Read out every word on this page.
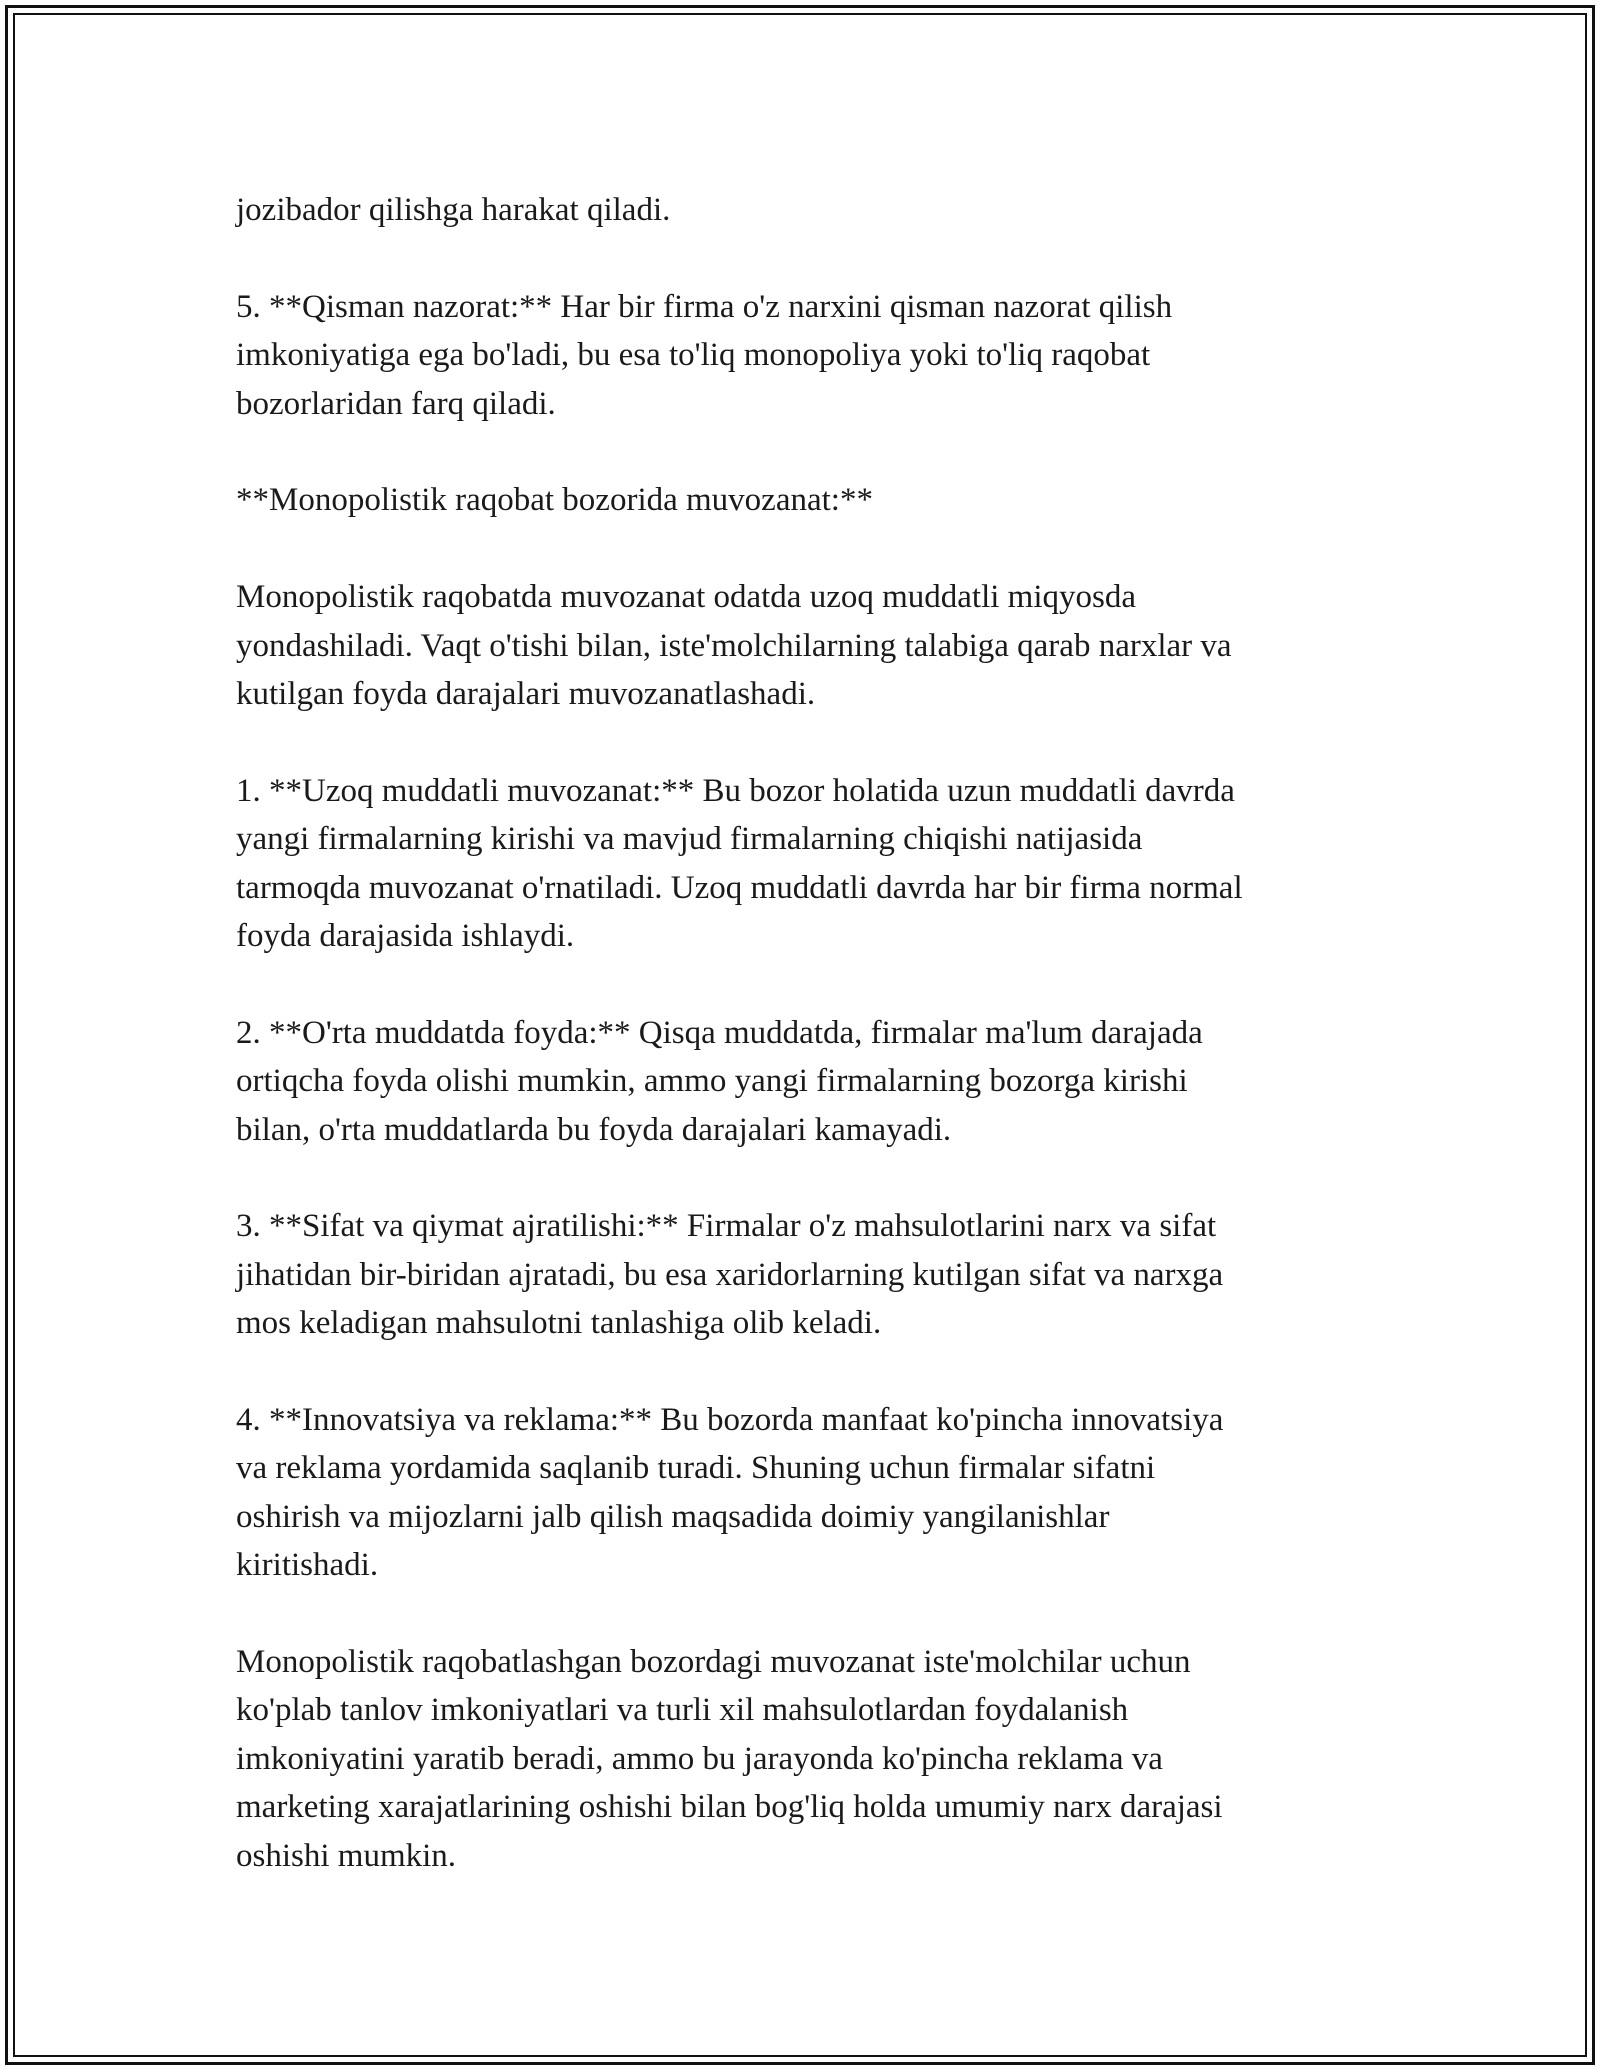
jozibador qilishga harakat qiladi.

5. **Qisman nazorat:** Har bir firma o'z narxini qisman nazorat qilish
imkoniyatiga ega bo'ladi, bu esa to'liq monopoliya yoki to'liq raqobat
bozorlaridan farq qiladi.

**Monopolistik raqobat bozorida muvozanat:**

Monopolistik raqobatda muvozanat odatda uzoq muddatli miqyosda
yondashiladi. Vaqt o'tishi bilan, iste'molchilarning talabiga qarab narxlar va
kutilgan foyda darajalari muvozanatlashadi.

1. **Uzoq muddatli muvozanat:** Bu bozor holatida uzun muddatli davrda
yangi firmalarning kirishi va mavjud firmalarning chiqishi natijasida
tarmoqda muvozanat o'rnatiladi. Uzoq muddatli davrda har bir firma normal
foyda darajasida ishlaydi.

2. **O'rta muddatda foyda:** Qisqa muddatda, firmalar ma'lum darajada
ortiqcha foyda olishi mumkin, ammo yangi firmalarning bozorga kirishi
bilan, o'rta muddatlarda bu foyda darajalari kamayadi.

3. **Sifat va qiymat ajratilishi:** Firmalar o'z mahsulotlarini narx va sifat
jihatidan bir-biridan ajratadi, bu esa xaridorlarning kutilgan sifat va narxga
mos keladigan mahsulotni tanlashiga olib keladi.

4. **Innovatsiya va reklama:** Bu bozorda manfaat ko'pincha innovatsiya
va reklama yordamida saqlanib turadi. Shuning uchun firmalar sifatni
oshirish va mijozlarni jalb qilish maqsadida doimiy yangilanishlar
kiritishadi.

Monopolistik raqobatlashgan bozordagi muvozanat iste'molchilar uchun
ko'plab tanlov imkoniyatlari va turli xil mahsulotlardan foydalanish
imkoniyatini yaratib beradi, ammo bu jarayonda ko'pincha reklama va
marketing xarajatlarining oshishi bilan bog'liq holda umumiy narx darajasi
oshishi mumkin.
